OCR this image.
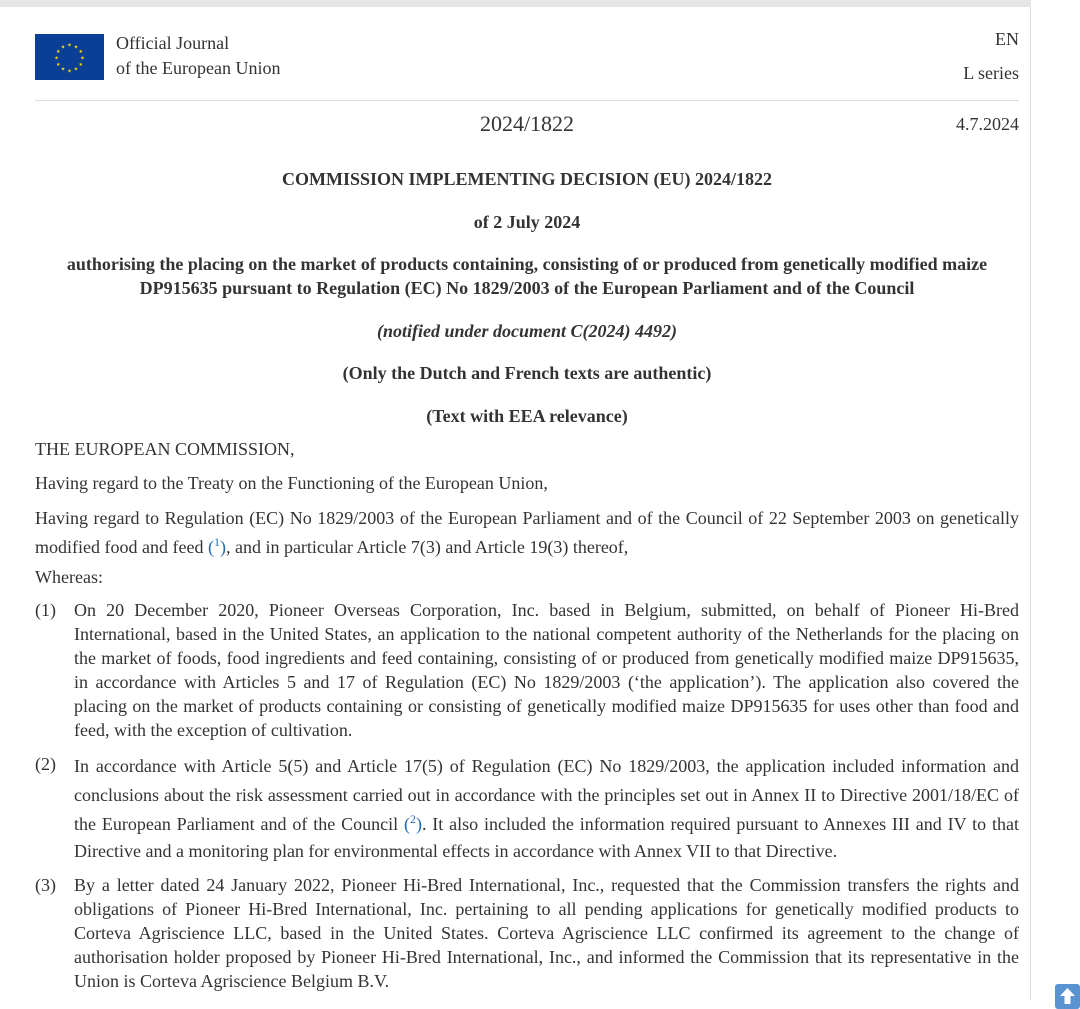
★ ★
★
★
★
★
★
★
★
★
★
★	Official Journal
of the European Union
EN
L series
2024/1822	4.7.2024

COMMISSION IMPLEMENTING DECISION (EU) 2024/1822

of 2 July 2024

authorising the placing on the market of products containing, consisting of or produced from genetically modified maize DP915635 pursuant to Regulation (EC) No 1829/2003 of the European Parliament and of the Council

(notified under document C(2024) 4492)

(Only the Dutch and French texts are authentic)

(Text with EEA relevance)

THE EUROPEAN COMMISSION,

Having regard to the Treaty on the Functioning of the European Union,

Having regard to Regulation (EC) No 1829/2003 of the European Parliament and of the Council of 22 September 2003 on genetically modified food and feed ($^1$), and in particular Article 7(3) and Article 19(3) thereof,

Whereas:

(1)	On 20 December 2020, Pioneer Overseas Corporation, Inc. based in Belgium, submitted, on behalf of Pioneer Hi-Bred International, based in the United States, an application to the national competent authority of the Netherlands for the placing on the market of foods, food ingredients and feed containing, consisting of or produced from genetically modified maize DP915635, in accordance with Articles 5 and 17 of Regulation (EC) No 1829/2003 (‘the application’). The application also covered the placing on the market of products containing or consisting of genetically modified maize DP915635 for uses other than food and feed, with the exception of cultivation.
(2)	In accordance with Article 5(5) and Article 17(5) of Regulation (EC) No 1829/2003, the application included information and conclusions about the risk assessment carried out in accordance with the principles set out in Annex II to Directive 2001/18/EC of the European Parliament and of the Council ($^2$). It also included the information required pursuant to Annexes III and IV to that Directive and a monitoring plan for environmental effects in accordance with Annex VII to that Directive.
(3)	By a letter dated 24 January 2022, Pioneer Hi-Bred International, Inc., requested that the Commission transfers the rights and obligations of Pioneer Hi-Bred International, Inc. pertaining to all pending applications for genetically modified products to Corteva Agriscience LLC, based in the United States. Corteva Agriscience LLC confirmed its agreement to the change of authorisation holder proposed by Pioneer Hi-Bred International, Inc., and informed the Commission that its representative in the Union is Corteva Agriscience Belgium B.V.
